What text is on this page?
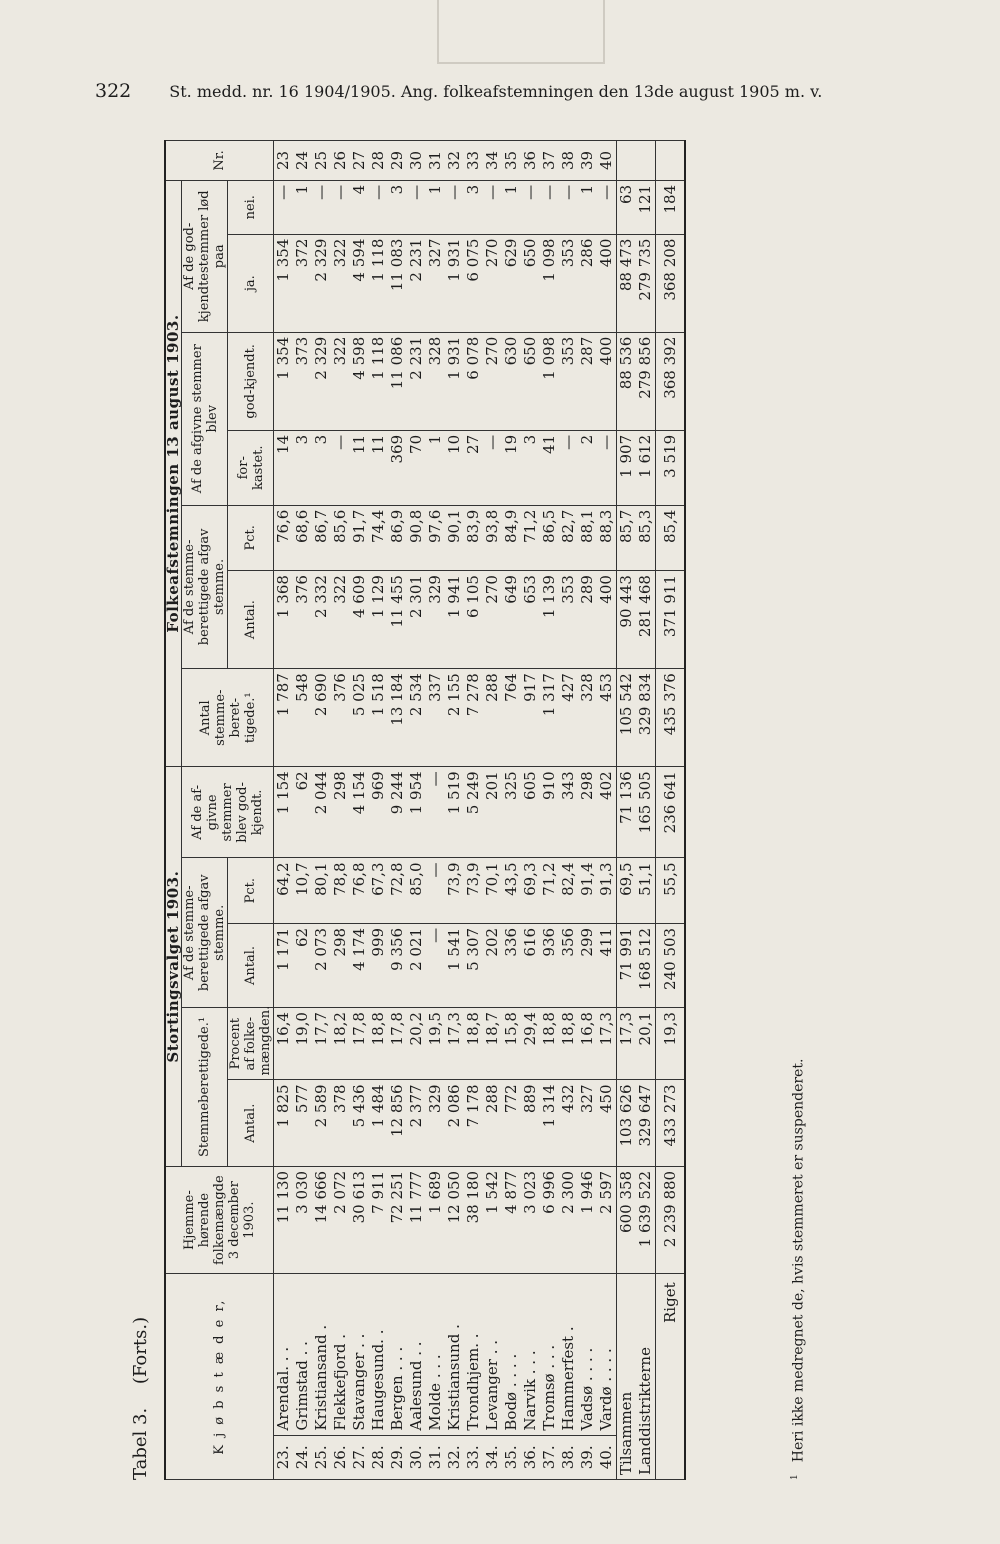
322 St. medd. nr. 16 1904/1905. Ang. folkeafstemningen den 13de august 1905 m. v.
Tabel 3. (Forts.)	K j ø b s t æ d e r,		Hjemme-hørende folkemængde 3 december 1903.	Stortingsvalget 1903.					Folkeafstemningen 13 august 1903.							Nr.
			Stemmeberettigede.¹		Af de stemme-berettigede afgav stemme.		Af de af-givne stemmer blev god-kjendt.	Antal stemme-beret-tigede.¹	Af de stemme-berettigede afgav stemme.		Af de afgivne stemmer blev		Af de god-kjendtestemmer lød paa		
			Antal.	Procent af folke-mængden.	Antal.	Pct.			Antal.	Pct.	for-kastet.	god-kjendt.	ja.	nei.	
23.	Arendal. . .	11 130	1 825	16,4	1 171	64,2	1 154	1 787	1 368	76,6	14	1 354	1 354	—	23
24.	Grimstad . .	3 030	577	19,0	62	10,7	62	548	376	68,6	3	373	372	1	24
25.	Kristiansand .	14 666	2 589	17,7	2 073	80,1	2 044	2 690	2 332	86,7	3	2 329	2 329	—	25
26.	Flekkefjord .	2 072	378	18,2	298	78,8	298	376	322	85,6	—	322	322	—	26
27.	Stavanger . .	30 613	5 436	17,8	4 174	76,8	4 154	5 025	4 609	91,7	11	4 598	4 594	4	27
28.	Haugesund. .	7 911	1 484	18,8	999	67,3	969	1 518	1 129	74,4	11	1 118	1 118	—	28
29.	Bergen . . .	72 251	12 856	17,8	9 356	72,8	9 244	13 184	11 455	86,9	369	11 086	11 083	3	29
30.	Aalesund . .	11 777	2 377	20,2	2 021	85,0	1 954	2 534	2 301	90,8	70	2 231	2 231	—	30
31.	Molde . . .	1 689	329	19,5	—	—	—	337	329	97,6	1	328	327	1	31
32.	Kristiansund .	12 050	2 086	17,3	1 541	73,9	1 519	2 155	1 941	90,1	10	1 931	1 931	—	32
33.	Trondhjem. .	38 180	7 178	18,8	5 307	73,9	5 249	7 278	6 105	83,9	27	6 078	6 075	3	33
34.	Levanger . .	1 542	288	18,7	202	70,1	201	288	270	93,8	—	270	270	—	34
35.	Bodø . . . .	4 877	772	15,8	336	43,5	325	764	649	84,9	19	630	629	1	35
36.	Narvik . . .	3 023	889	29,4	616	69,3	605	917	653	71,2	3	650	650	—	36
37.	Tromsø . . .	6 996	1 314	18,8	936	71,2	910	1 317	1 139	86,5	41	1 098	1 098	—	37
38.	Hammerfest .	2 300	432	18,8	356	82,4	343	427	353	82,7	—	353	353	—	38
39.	Vadsø . . . .	1 946	327	16,8	299	91,4	298	328	289	88,1	2	287	286	1	39
40.	Vardø . . . .	2 597	450	17,3	411	91,3	402	453	400	88,3	—	400	400	—	40
Tilsammen		600 358	103 626	17,3	71 991	69,5	71 136	105 542	90 443	85,7	1 907	88 536	88 473	63	
Landdistrikterne		1 639 522	329 647	20,1	168 512	51,1	165 505	329 834	281 468	85,3	1 612	279 856	279 735	121	
Riget		2 239 880	433 273	19,3	240 503	55,5	236 641	435 376	371 911	85,4	3 519	368 392	368 208	184	
$^1$Heri ikke medregnet de, hvis stemmeret er suspenderet.
